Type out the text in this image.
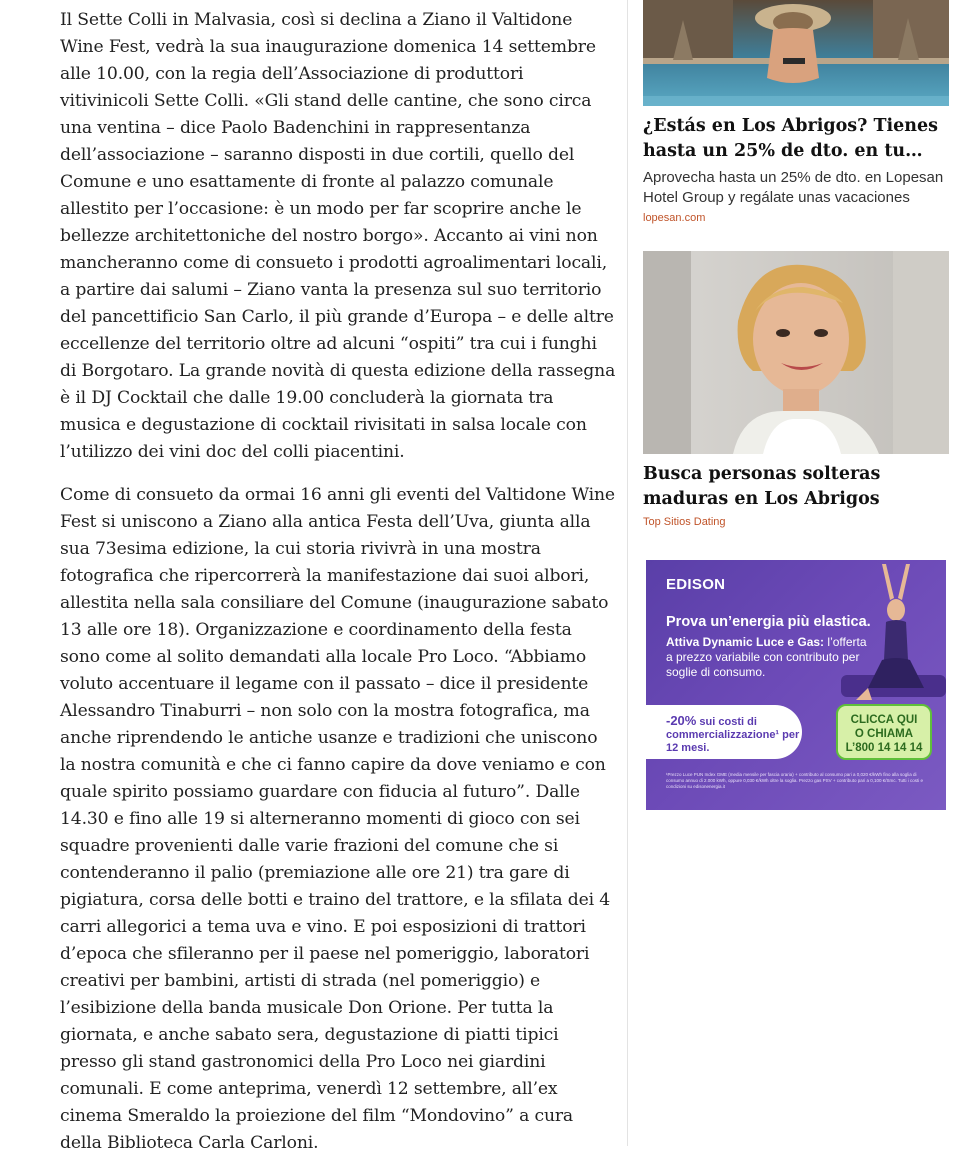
Il Sette Colli in Malvasia, così si declina a Ziano il Valtidone Wine Fest, vedrà la sua inaugurazione domenica 14 settembre alle 10.00, con la regia dell’Associazione di produttori vitivinicoli Sette Colli. «Gli stand delle cantine, che sono circa una ventina – dice Paolo Badenchini in rappresentanza dell’associazione – saranno disposti in due cortili, quello del Comune e uno esattamente di fronte al palazzo comunale allestito per l’occasione: è un modo per far scoprire anche le bellezze architettoniche del nostro borgo». Accanto ai vini non mancheranno come di consueto i prodotti agroalimentari locali, a partire dai salumi – Ziano vanta la presenza sul suo territorio del pancettificio San Carlo, il più grande d’Europa – e delle altre eccellenze del territorio oltre ad alcuni “ospiti” tra cui i funghi di Borgotaro. La grande novità di questa edizione della rassegna è il DJ Cocktail che dalle 19.00 concluderà la giornata tra musica e degustazione di cocktail rivisitati in salsa locale con l’utilizzo dei vini doc del colli piacentini.

Come di consueto da ormai 16 anni gli eventi del Valtidone Wine Fest si uniscono a Ziano alla antica Festa dell’Uva, giunta alla sua 73esima edizione, la cui storia rivivrà in una mostra fotografica che ripercorrerà la manifestazione dai suoi albori, allestita nella sala consiliare del Comune (inaugurazione sabato 13 alle ore 18). Organizzazione e coordinamento della festa sono come al solito demandati alla locale Pro Loco. “Abbiamo voluto accentuare il legame con il passato – dice il presidente Alessandro Tinaburri – non solo con la mostra fotografica, ma anche riprendendo le antiche usanze e tradizioni che uniscono la nostra comunità e che ci fanno capire da dove veniamo e con quale spirito possiamo guardare con fiducia al futuro”. Dalle 14.30 e fino alle 19 si alterneranno momenti di gioco con sei squadre provenienti dalle varie frazioni del comune che si contenderanno il palio (premiazione alle ore 21) tra gare di pigiatura, corsa delle botti e traino del trattore, e la sfilata dei 4 carri allegorici a tema uva e vino. E poi esposizioni di trattori d’epoca che sfileranno per il paese nel pomeriggio, laboratori creativi per bambini, artisti di strada (nel pomeriggio) e l’esibizione della banda musicale Don Orione. Per tutta la giornata, e anche sabato sera, degustazione di piatti tipici presso gli stand gastronomici della Pro Loco nei giardini comunali. E come anteprima, venerdì 12 settembre, all’ex cinema Smeraldo la proiezione del film “Mondovino” a cura della Biblioteca Carla Carloni.

¿Estás en Los Abrigos? Tienes hasta un 25% de dto. en tu
Aprovecha hasta un 25% de dto. en Lopesan Hotel Group y regálate unas vacaciones
lopesan.com
Busca personas solteras maduras en Los Abrigos
Top Sitios Dating
EDISON
Prova un’energia più elastica.
Attiva Dynamic Luce e Gas: l’offerta a prezzo variabile con contributo per soglie di consumo.
-20% sui costi di commercializzazione¹ per 12 mesi.
CLICCA QUI
O CHIAMA
L’800 14 14 14
¹Prezzo Luce PUN Index GME (media mensile per fascia oraria) + contributo al consumo pari a 0,020 €/kWh fino alla soglia di consumo annuo di 2.000 kWh, oppure 0,030 €/kWh oltre la soglia. Prezzo gas PSV + contributo pari a 0,100 €/Smc. Tutti i costi e condizioni su edisonenergia.it
